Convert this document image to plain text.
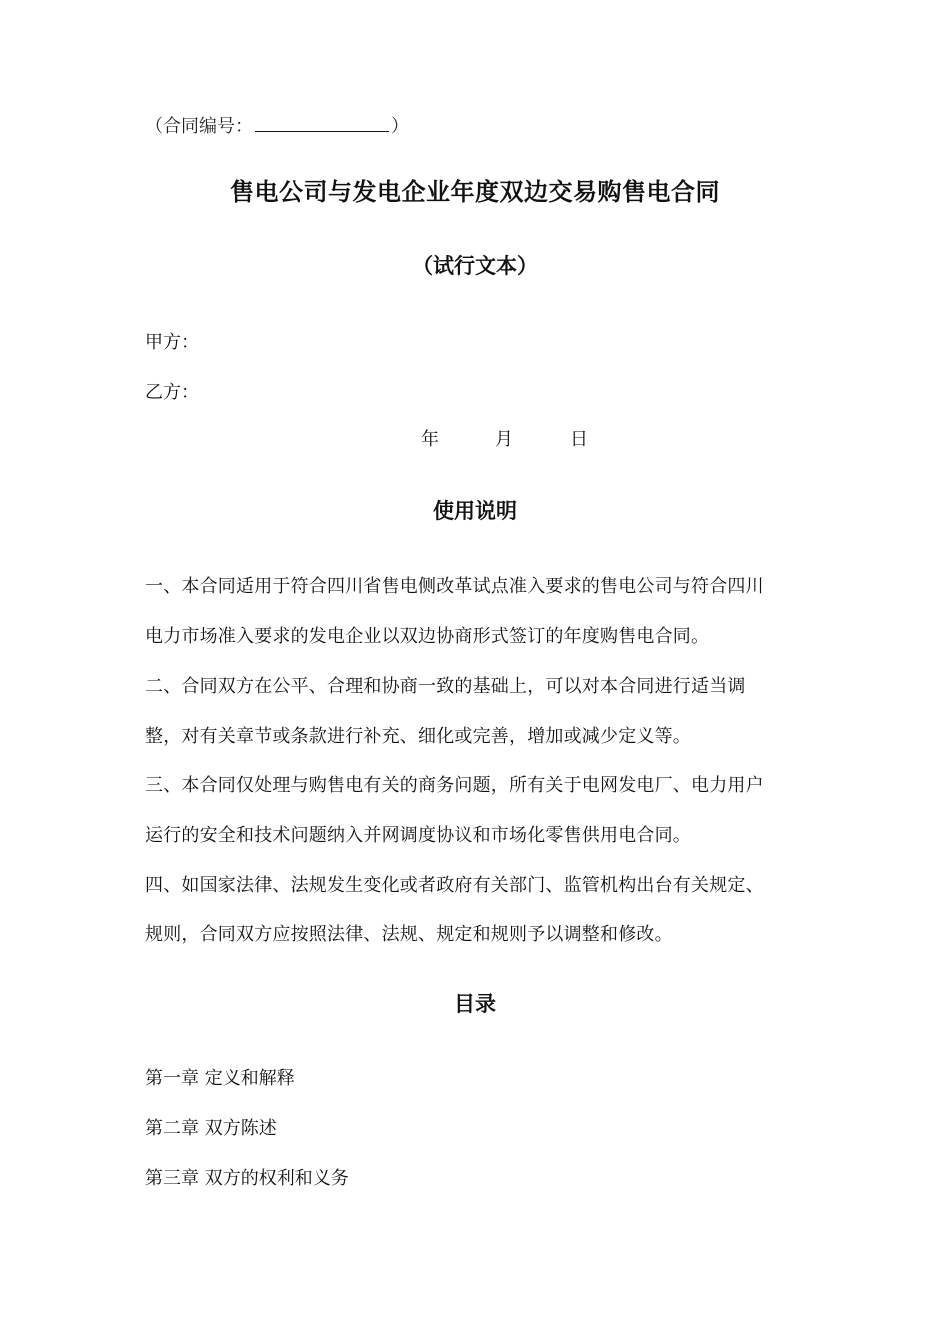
（合同编号：	）
售电公司与发电企业年度双边交易购售电合同
（试行文本）
甲方：
乙方：
年	月	日
使用说明
一、本合同适用于符合四川省售电侧改革试点准入要求的售电公司与符合四川
电力市场准入要求的发电企业以双边协商形式签订的年度购售电合同。
二、合同双方在公平、合理和协商一致的基础上，可以对本合同进行适当调
整，对有关章节或条款进行补充、细化或完善，增加或减少定义等。
三、本合同仅处理与购售电有关的商务问题，所有关于电网发电厂、电力用户
运行的安全和技术问题纳入并网调度协议和市场化零售供用电合同。
四、如国家法律、法规发生变化或者政府有关部门、监管机构出台有关规定、
规则，合同双方应按照法律、法规、规定和规则予以调整和修改。
目录
第一章 定义和解释
第二章 双方陈述
第三章 双方的权利和义务
